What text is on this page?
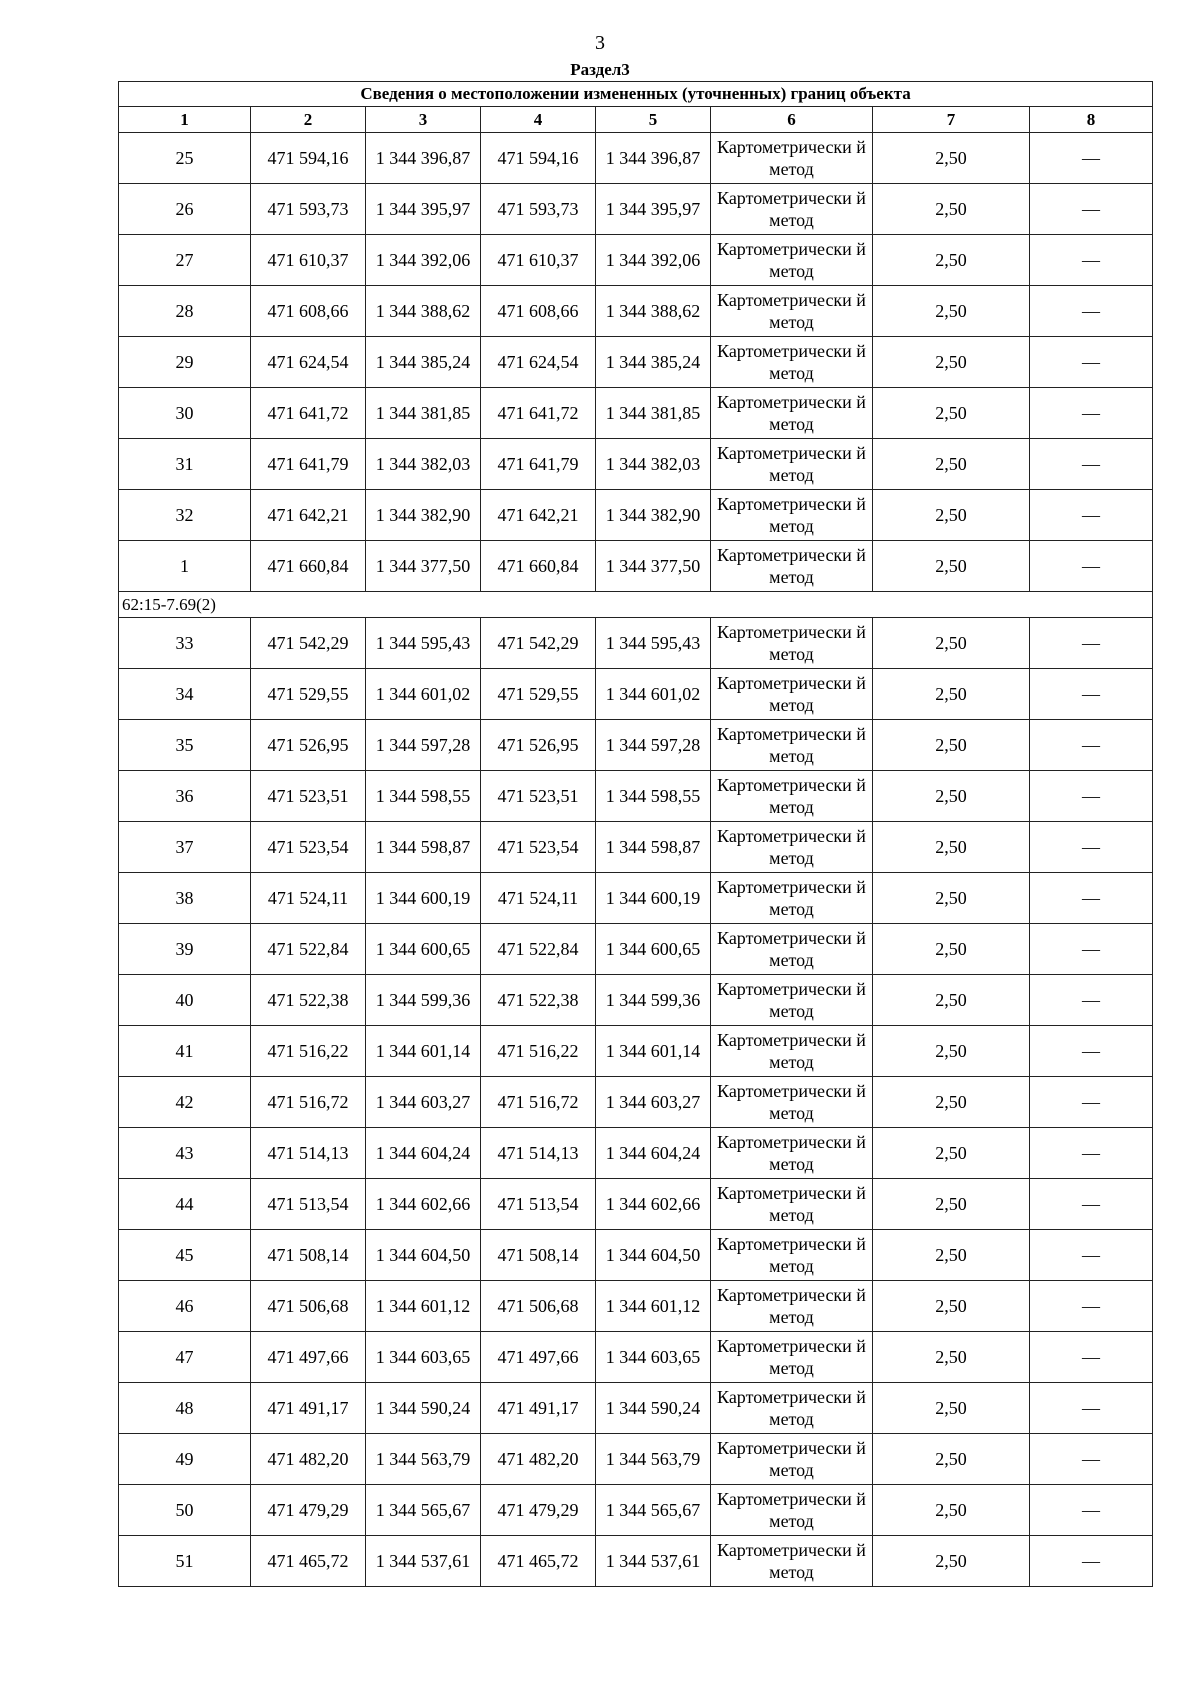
3
Раздел3
Сведения о местоположении измененных (уточненных) границ объекта							
1	2	3	4	5	6	7	8
25	471 594,16	1 344 396,87	471 594,16	1 344 396,87	Картометрически й метод	2,50	—
26	471 593,73	1 344 395,97	471 593,73	1 344 395,97	Картометрически й метод	2,50	—
27	471 610,37	1 344 392,06	471 610,37	1 344 392,06	Картометрически й метод	2,50	—
28	471 608,66	1 344 388,62	471 608,66	1 344 388,62	Картометрически й метод	2,50	—
29	471 624,54	1 344 385,24	471 624,54	1 344 385,24	Картометрически й метод	2,50	—
30	471 641,72	1 344 381,85	471 641,72	1 344 381,85	Картометрически й метод	2,50	—
31	471 641,79	1 344 382,03	471 641,79	1 344 382,03	Картометрически й метод	2,50	—
32	471 642,21	1 344 382,90	471 642,21	1 344 382,90	Картометрически й метод	2,50	—
1	471 660,84	1 344 377,50	471 660,84	1 344 377,50	Картометрически й метод	2,50	—
62:15-7.69(2)							
33	471 542,29	1 344 595,43	471 542,29	1 344 595,43	Картометрически й метод	2,50	—
34	471 529,55	1 344 601,02	471 529,55	1 344 601,02	Картометрически й метод	2,50	—
35	471 526,95	1 344 597,28	471 526,95	1 344 597,28	Картометрически й метод	2,50	—
36	471 523,51	1 344 598,55	471 523,51	1 344 598,55	Картометрически й метод	2,50	—
37	471 523,54	1 344 598,87	471 523,54	1 344 598,87	Картометрически й метод	2,50	—
38	471 524,11	1 344 600,19	471 524,11	1 344 600,19	Картометрически й метод	2,50	—
39	471 522,84	1 344 600,65	471 522,84	1 344 600,65	Картометрически й метод	2,50	—
40	471 522,38	1 344 599,36	471 522,38	1 344 599,36	Картометрически й метод	2,50	—
41	471 516,22	1 344 601,14	471 516,22	1 344 601,14	Картометрически й метод	2,50	—
42	471 516,72	1 344 603,27	471 516,72	1 344 603,27	Картометрически й метод	2,50	—
43	471 514,13	1 344 604,24	471 514,13	1 344 604,24	Картометрически й метод	2,50	—
44	471 513,54	1 344 602,66	471 513,54	1 344 602,66	Картометрически й метод	2,50	—
45	471 508,14	1 344 604,50	471 508,14	1 344 604,50	Картометрически й метод	2,50	—
46	471 506,68	1 344 601,12	471 506,68	1 344 601,12	Картометрически й метод	2,50	—
47	471 497,66	1 344 603,65	471 497,66	1 344 603,65	Картометрически й метод	2,50	—
48	471 491,17	1 344 590,24	471 491,17	1 344 590,24	Картометрически й метод	2,50	—
49	471 482,20	1 344 563,79	471 482,20	1 344 563,79	Картометрически й метод	2,50	—
50	471 479,29	1 344 565,67	471 479,29	1 344 565,67	Картометрически й метод	2,50	—
51	471 465,72	1 344 537,61	471 465,72	1 344 537,61	Картометрически й метод	2,50	—
